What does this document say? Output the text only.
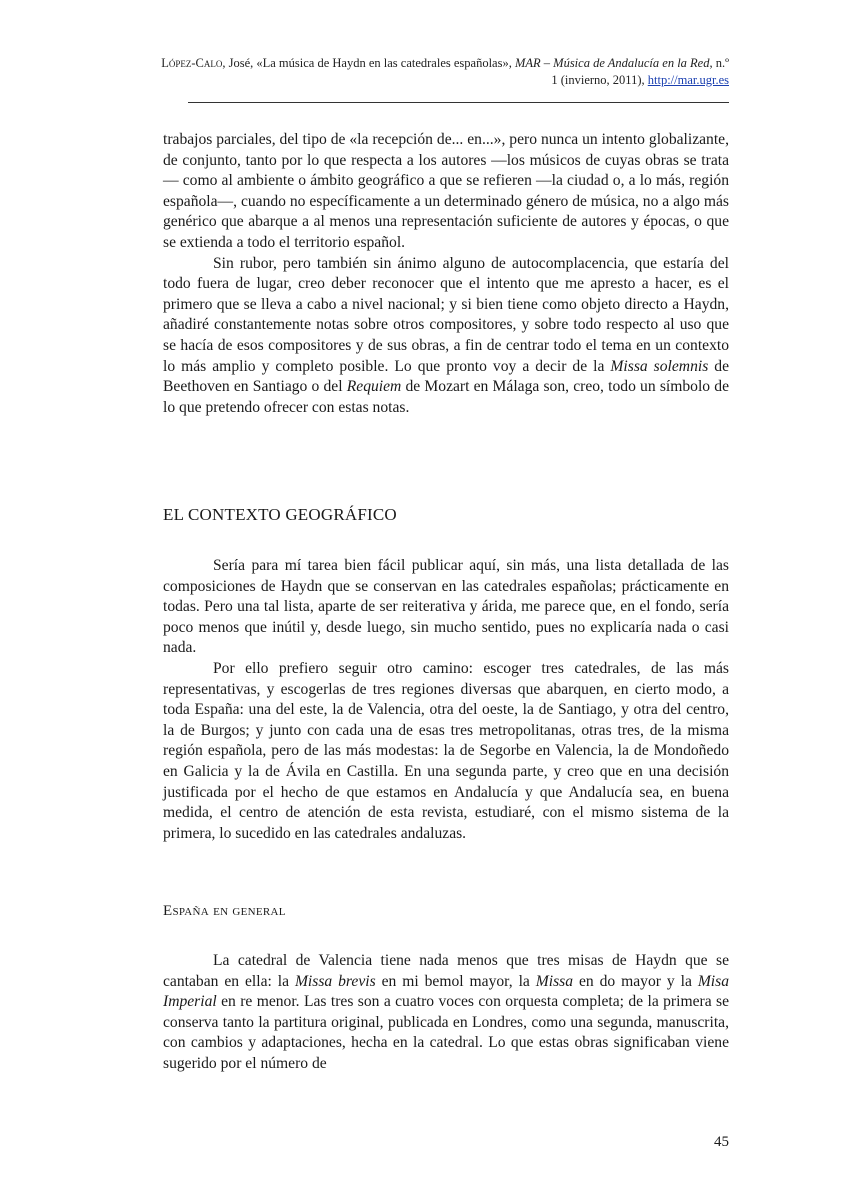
López-Calo, José, «La música de Haydn en las catedrales españolas», MAR – Música de Andalucía en la Red, n.º 1 (invierno, 2011), http://mar.ugr.es

trabajos parciales, del tipo de «la recepción de... en...», pero nunca un intento globalizante, de conjunto, tanto por lo que respecta a los autores —los músicos de cuyas obras se trata— como al ambiente o ámbito geográfico a que se refieren —la ciudad o, a lo más, región española—, cuando no específicamente a un determinado género de música, no a algo más genérico que abarque a al menos una representación suficiente de autores y épocas, o que se extienda a todo el territorio español.

Sin rubor, pero también sin ánimo alguno de autocomplacencia, que estaría del todo fuera de lugar, creo deber reconocer que el intento que me apresto a hacer, es el primero que se lleva a cabo a nivel nacional; y si bien tiene como objeto directo a Haydn, añadiré constantemente notas sobre otros compositores, y sobre todo respecto al uso que se hacía de esos compositores y de sus obras, a fin de centrar todo el tema en un contexto lo más amplio y completo posible. Lo que pronto voy a decir de la Missa solemnis de Beethoven en Santiago o del Requiem de Mozart en Málaga son, creo, todo un símbolo de lo que pretendo ofrecer con estas notas.

EL CONTEXTO GEOGRÁFICO

Sería para mí tarea bien fácil publicar aquí, sin más, una lista detallada de las composiciones de Haydn que se conservan en las catedrales españolas; prácticamente en todas. Pero una tal lista, aparte de ser reiterativa y árida, me parece que, en el fondo, sería poco menos que inútil y, desde luego, sin mucho sentido, pues no explicaría nada o casi nada.

Por ello prefiero seguir otro camino: escoger tres catedrales, de las más representativas, y escogerlas de tres regiones diversas que abarquen, en cierto modo, a toda España: una del este, la de Valencia, otra del oeste, la de Santiago, y otra del centro, la de Burgos; y junto con cada una de esas tres metropolitanas, otras tres, de la misma región española, pero de las más modestas: la de Segorbe en Valencia, la de Mondoñedo en Galicia y la de Ávila en Castilla. En una segunda parte, y creo que en una decisión justificada por el hecho de que estamos en Andalucía y que Andalucía sea, en buena medida, el centro de atención de esta revista, estudiaré, con el mismo sistema de la primera, lo sucedido en las catedrales andaluzas.

España en general

La catedral de Valencia tiene nada menos que tres misas de Haydn que se cantaban en ella: la Missa brevis en mi bemol mayor, la Missa en do mayor y la Misa Imperial en re menor. Las tres son a cuatro voces con orquesta completa; de la primera se conserva tanto la partitura original, publicada en Londres, como una segunda, manuscrita, con cambios y adaptaciones, hecha en la catedral. Lo que estas obras significaban viene sugerido por el número de

45
